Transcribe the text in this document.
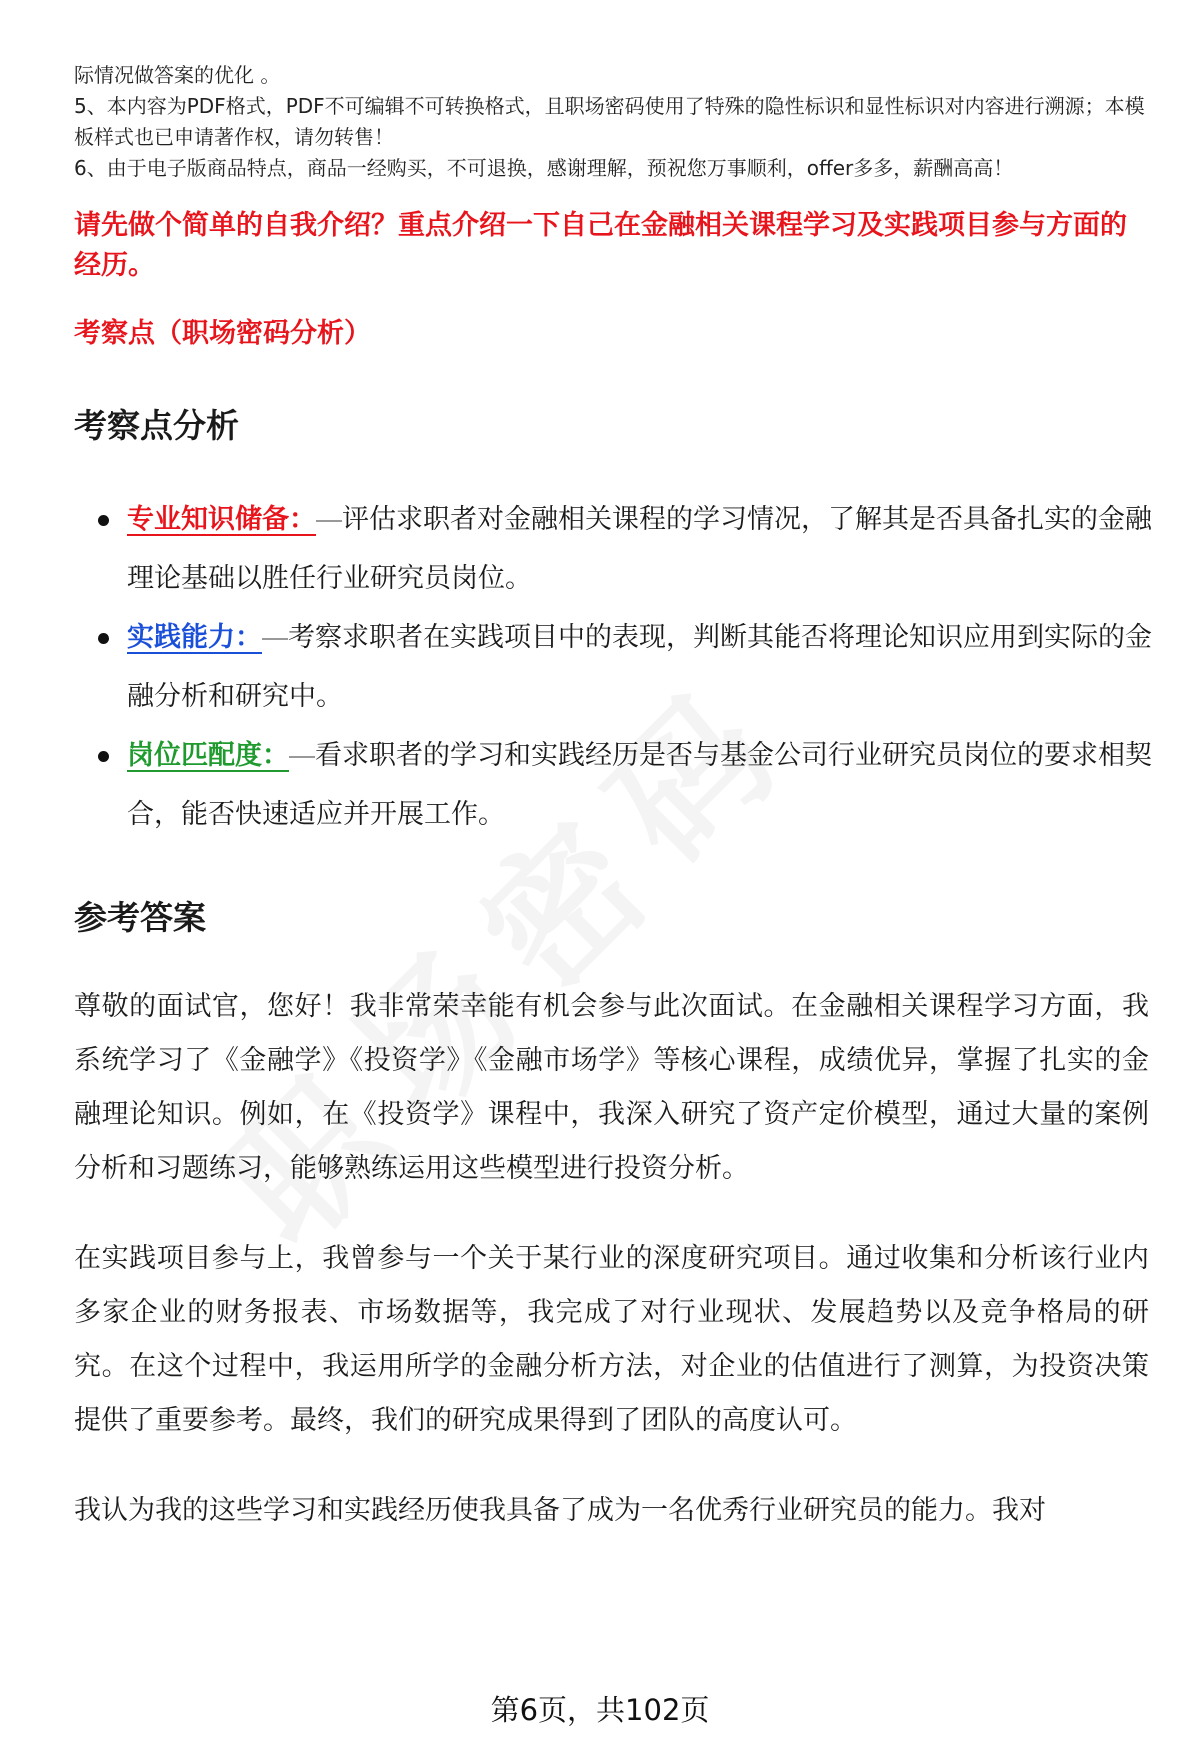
际情况做答案的优化 。

5、本内容为PDF格式，PDF不可编辑不可转换格式，且职场密码使用了特殊的隐性标识和显性标识对内容进行溯源；本模板样式也已申请著作权，请勿转售！

6、由于电子版商品特点，商品一经购买，不可退换，感谢理解，预祝您万事顺利，offer多多，薪酬高高！

请先做个简单的自我介绍？重点介绍一下自己在金融相关课程学习及实践项目参与方面的经历。
考察点（职场密码分析）
考察点分析
专业知识储备： 评估求职者对金融相关课程的学习情况，了解其是否具备扎实的金融理论基础以胜任行业研究员岗位。
实践能力： 考察求职者在实践项目中的表现，判断其能否将理论知识应用到实际的金融分析和研究中。
岗位匹配度： 看求职者的学习和实践经历是否与基金公司行业研究员岗位的要求相契合，能否快速适应并开展工作。
参考答案

尊敬的面试官，您好！我非常荣幸能有机会参与此次面试。在金融相关课程学习方面，我系统学习了《金融学》《投资学》《金融市场学》等核心课程，成绩优异，掌握了扎实的金融理论知识。例如，在《投资学》课程中，我深入研究了资产定价模型，通过大量的案例分析和习题练习，能够熟练运用这些模型进行投资分析。

在实践项目参与上，我曾参与一个关于某行业的深度研究项目。通过收集和分析该行业内多家企业的财务报表、市场数据等，我完成了对行业现状、发展趋势以及竞争格局的研究。在这个过程中，我运用所学的金融分析方法，对企业的估值进行了测算，为投资决策提供了重要参考。最终，我们的研究成果得到了团队的高度认可。

我认为我的这些学习和实践经历使我具备了成为一名优秀行业研究员的能力。我对

第6页，共102页
